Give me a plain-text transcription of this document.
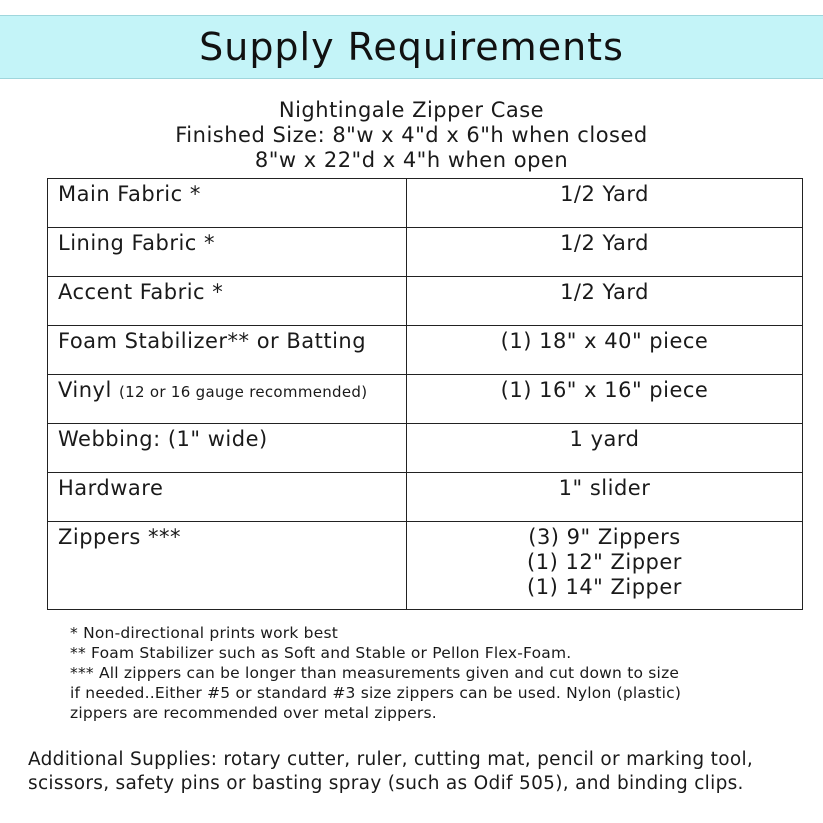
Supply Requirements
Nightingale Zipper Case
Finished Size: 8"w x 4"d x 6"h when closed
8"w x 22"d x 4"h when open
Main Fabric *	1/2 Yard

Lining Fabric *	1/2 Yard

Accent Fabric *	1/2 Yard

Foam Stabilizer** or Batting	(1) 18" x 40" piece

Vinyl (12 or 16 gauge recommended)	(1) 16" x 16" piece

Webbing: (1" wide)	1 yard

Hardware	1" slider

Zippers ***	(3) 9" Zippers
(1) 12" Zipper
(1) 14" Zipper
* Non-directional prints work best
** Foam Stabilizer such as Soft and Stable or Pellon Flex-Foam.
*** All zippers can be longer than measurements given and cut down to size
if needed..Either #5 or standard #3 size zippers can be used. Nylon (plastic)
zippers are recommended over metal zippers.
Additional Supplies: rotary cutter, ruler, cutting mat, pencil or marking tool,
scissors, safety pins or basting spray (such as Odif 505), and binding clips.
